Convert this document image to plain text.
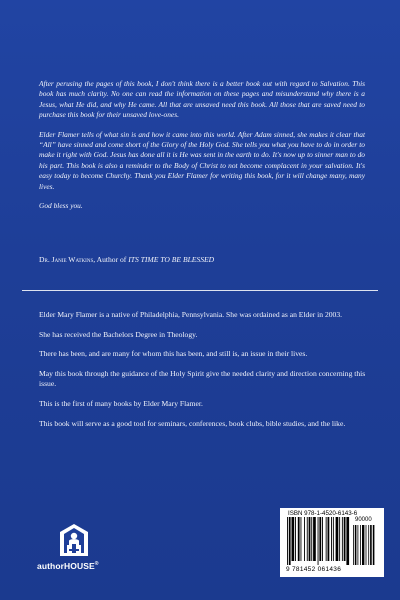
After perusing the pages of this book, I don't think there is a better book out with regard to Salvation. This book has much clarity. No one can read the information on these pages and misunderstand why there is a Jesus, what He did, and why He came. All that are unsaved need this book. All those that are saved need to purchase this book for their unsaved love-ones.

Elder Flamer tells of what sin is and how it came into this world. After Adam sinned, she makes it clear that “All” have sinned and come short of the Glory of the Holy God. She tells you what you have to do in order to make it right with God. Jesus has done all it is He was sent in the earth to do. It's now up to sinner man to do his part. This book is also a reminder to the Body of Christ to not become complacent in your salvation. It's easy today to become Churchy. Thank you Elder Flamer for writing this book, for it will change many, many lives.

God bless you.

Dr. Janie Watkins, Author of ITS TIME TO BE BLESSED

Elder Mary Flamer is a native of Philadelphia, Pennsylvania. She was ordained as an Elder in 2003.

She has received the Bachelors Degree in Theology.

There has been, and are many for whom this has been, and still is, an issue in their lives.

May this book through the guidance of the Holy Spirit give the needed clarity and direction concerning this issue.

This is the first of many books by Elder Mary Flamer.

This book will serve as a good tool for seminars, conferences, book clubs, bible studies, and the like.

authorHOUSE®
ISBN 978-1-4520-6143-6
90000
9 781452 061436
